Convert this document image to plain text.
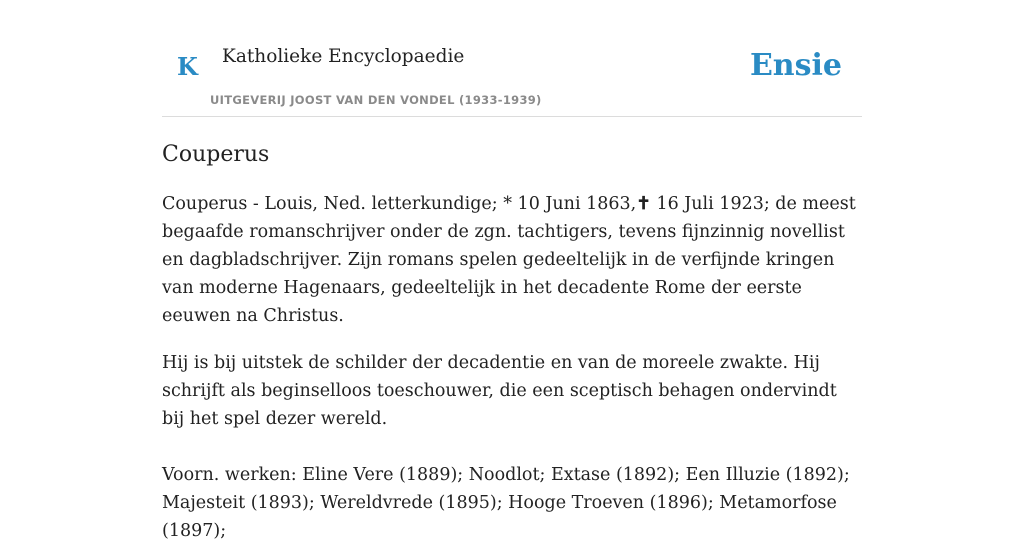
K Katholieke Encyclopaedie
UITGEVERIJ JOOST VAN DEN VONDEL (1933-1939)
Ensie
Couperus

Couperus - Louis, Ned. letterkundige; * 10 Juni 1863,✝ 16 Juli 1923; de meest begaafde romanschrijver onder de zgn. tachtigers, tevens fijnzinnig novellist en dagbladschrijver. Zijn romans spelen gedeeltelijk in de verfijnde kringen van moderne Hagenaars, gedeeltelijk in het decadente Rome der eerste eeuwen na Christus.

Hij is bij uitstek de schilder der decadentie en van de moreele zwakte. Hij schrijft als beginselloos toeschouwer, die een sceptisch behagen ondervindt bij het spel dezer wereld.

Voorn. werken: Eline Vere (1889); Noodlot; Extase (1892); Een Illuzie (1892); Majesteit (1893); Wereldvrede (1895); Hooge Troeven (1896); Metamorfose (1897);
